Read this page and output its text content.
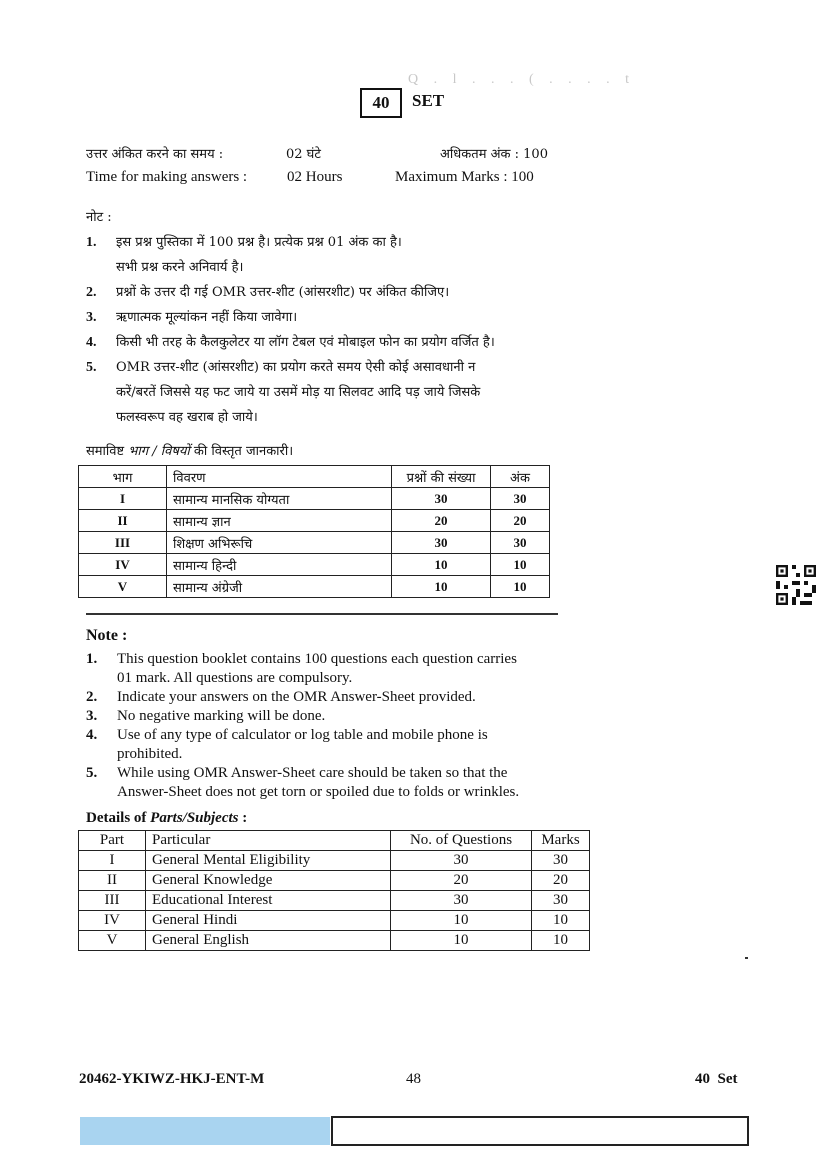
Q . l . . . ( . . . . t
40	SET
उत्तर अंकित करने का समय :	02 घंटे	अधिकतम अंक : 100
Time for making answers :	02 Hours	Maximum Marks : 100
नोट :
1.	इस प्रश्न पुस्तिका में 100 प्रश्न है। प्रत्येक प्रश्न 01 अंक का है।
सभी प्रश्न करने अनिवार्य है।
2.	प्रश्नों के उत्तर दी गई OMR उत्तर-शीट (आंसरशीट) पर अंकित कीजिए।
3.	ऋणात्मक मूल्यांकन नहीं किया जावेगा।
4.	किसी भी तरह के कैलकुलेटर या लॉग टेबल एवं मोबाइल फोन का प्रयोग वर्जित है।
5.	OMR उत्तर-शीट (आंसरशीट) का प्रयोग करते समय ऐसी कोई असावधानी न
करें/बरतें जिससे यह फट जाये या उसमें मोड़ या सिलवट आदि पड़ जाये जिसके
फलस्वरूप वह खराब हो जाये।
समाविष्ट भाग / विषयों की विस्तृत जानकारी।
भाग	विवरण	प्रश्नों की संख्या	अंक
I	सामान्य मानसिक योग्यता	30	30
II	सामान्य ज्ञान	20	20
III	शिक्षण अभिरूचि	30	30
IV	सामान्य हिन्दी	10	10
V	सामान्य अंग्रेजी	10	10
Note :
1.	This question booklet contains 100 questions each question carries
01 mark. All questions are compulsory.
2.	Indicate your answers on the OMR Answer-Sheet provided.
3.	No negative marking will be done.
4.	Use of any type of calculator or log table and mobile phone is
prohibited.
5.	While using OMR Answer-Sheet care should be taken so that the
Answer-Sheet does not get torn or spoiled due to folds or wrinkles.
Details of Parts/Subjects :
Part	Particular	No. of Questions	Marks
I	General Mental Eligibility	30	30
II	General Knowledge	20	20
III	Educational Interest	30	30
IV	General Hindi	10	10
V	General English	10	10
20462-YKIWZ-HKJ-ENT-M	48	40 Set
